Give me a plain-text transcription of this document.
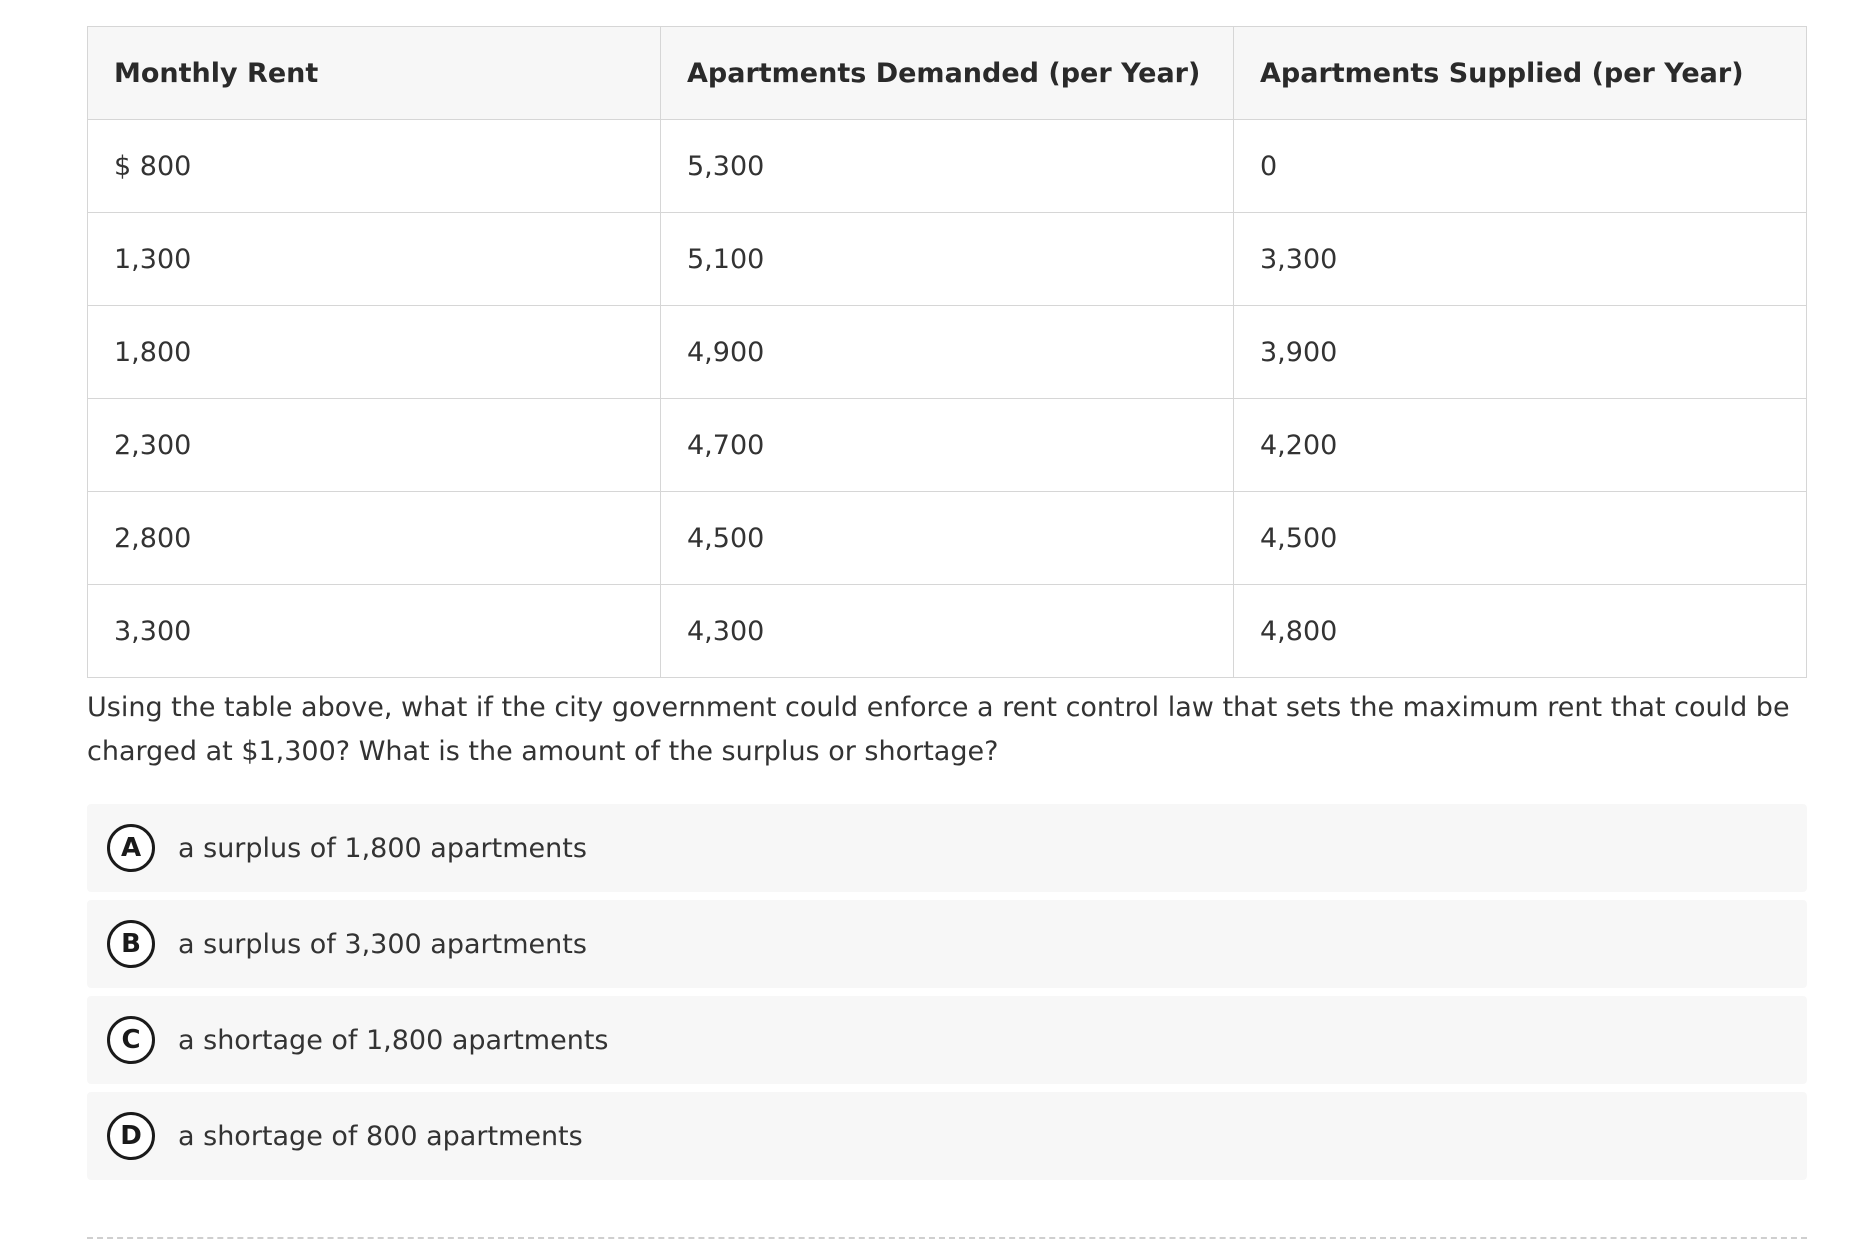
Monthly Rent	Apartments Demanded (per Year)	Apartments Supplied (per Year)
$ 800	5,300	0
1,300	5,100	3,300
1,800	4,900	3,900
2,300	4,700	4,200
2,800	4,500	4,500
3,300	4,300	4,800
Using the table above, what if the city government could enforce a rent control law that sets the maximum rent that could be charged at $1,300? What is the amount of the surplus or shortage?
A	a surplus of 1,800 apartments
B	a surplus of 3,300 apartments
C	a shortage of 1,800 apartments
D	a shortage of 800 apartments
